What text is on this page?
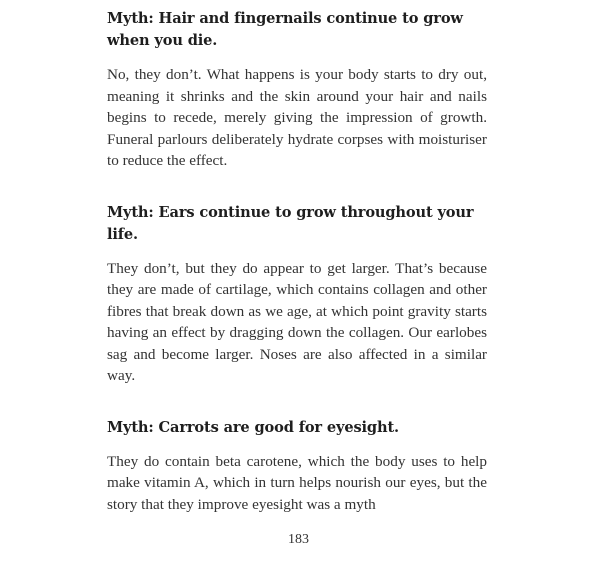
Myth: Hair and fingernails continue to grow when you die.

No, they don’t. What happens is your body starts to dry out, meaning it shrinks and the skin around your hair and nails begins to recede, merely giving the impression of growth. Funeral parlours deliberately hydrate corpses with moisturiser to reduce the effect.

Myth: Ears continue to grow throughout your life.

They don’t, but they do appear to get larger. That’s because they are made of cartilage, which contains collagen and other fibres that break down as we age, at which point gravity starts having an effect by dragging down the collagen. Our earlobes sag and become larger. Noses are also affected in a similar way.

Myth: Carrots are good for eyesight.

They do contain beta carotene, which the body uses to help make vitamin A, which in turn helps nourish our eyes, but the story that they improve eyesight was a myth

183
